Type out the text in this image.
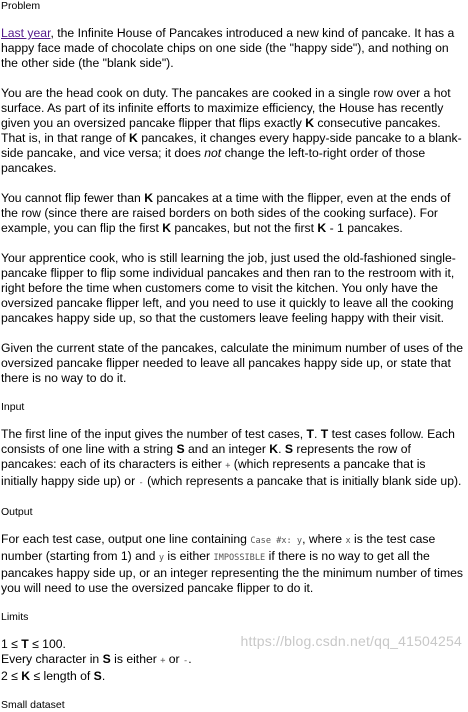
Problem

Last year, the Infinite House of Pancakes introduced a new kind of pancake. It has a happy face made of chocolate chips on one side (the "happy side"), and nothing on the other side (the "blank side").

You are the head cook on duty. The pancakes are cooked in a single row over a hot surface. As part of its infinite efforts to maximize efficiency, the House has recently given you an oversized pancake flipper that flips exactly K consecutive pancakes. That is, in that range of K pancakes, it changes every happy-side pancake to a blank-side pancake, and vice versa; it does not change the left-to-right order of those pancakes.

You cannot flip fewer than K pancakes at a time with the flipper, even at the ends of the row (since there are raised borders on both sides of the cooking surface). For example, you can flip the first K pancakes, but not the first K - 1 pancakes.

Your apprentice cook, who is still learning the job, just used the old-fashioned single-pancake flipper to flip some individual pancakes and then ran to the restroom with it, right before the time when customers come to visit the kitchen. You only have the oversized pancake flipper left, and you need to use it quickly to leave all the cooking pancakes happy side up, so that the customers leave feeling happy with their visit.

Given the current state of the pancakes, calculate the minimum number of uses of the oversized pancake flipper needed to leave all pancakes happy side up, or state that there is no way to do it.

Input

The first line of the input gives the number of test cases, T. T test cases follow. Each consists of one line with a string S and an integer K. S represents the row of pancakes: each of its characters is either + (which represents a pancake that is initially happy side up) or - (which represents a pancake that is initially blank side up).

Output

For each test case, output one line containing Case #x: y, where x is the test case number (starting from 1) and y is either IMPOSSIBLE if there is no way to get all the pancakes happy side up, or an integer representing the the minimum number of times you will need to use the oversized pancake flipper to do it.

Limits

1 ≤ T ≤ 100.

Every character in S is either + or -.

2 ≤ K ≤ length of S.

Small dataset

https://blog.csdn.net/qq_41504254
